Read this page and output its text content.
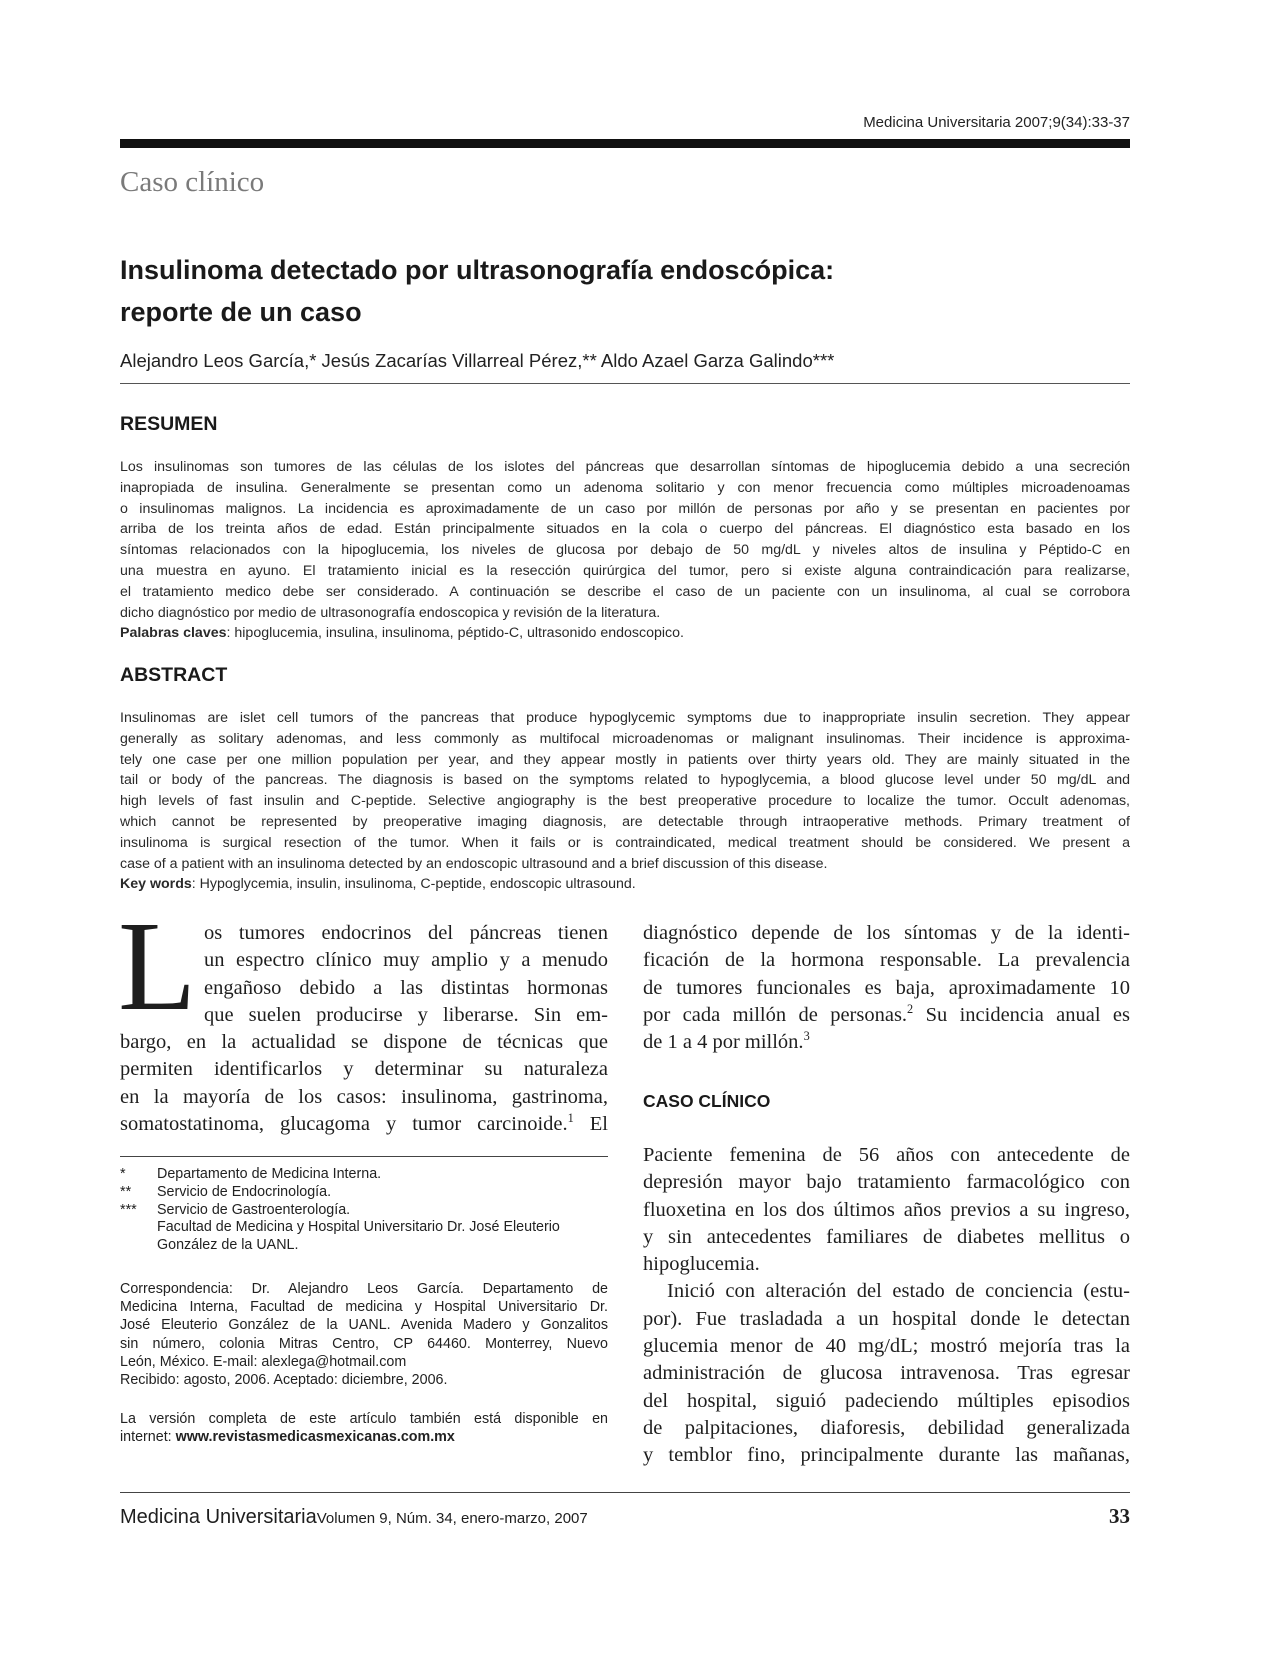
Medicina Universitaria 2007;9(34):33-37
Caso clínico
Insulinoma detectado por ultrasonografía endoscópica:
reporte de un caso
Alejandro Leos García,* Jesús Zacarías Villarreal Pérez,** Aldo Azael Garza Galindo***
RESUMEN
Los insulinomas son tumores de las células de los islotes del páncreas que desarrollan síntomas de hipoglucemia debido a una secreción
inapropiada de insulina. Generalmente se presentan como un adenoma solitario y con menor frecuencia como múltiples microadenoamas
o insulinomas malignos. La incidencia es aproximadamente de un caso por millón de personas por año y se presentan en pacientes por
arriba de los treinta años de edad. Están principalmente situados en la cola o cuerpo del páncreas. El diagnóstico esta basado en los
síntomas relacionados con la hipoglucemia, los niveles de glucosa por debajo de 50 mg/dL y niveles altos de insulina y Péptido-C en
una muestra en ayuno. El tratamiento inicial es la resección quirúrgica del tumor, pero si existe alguna contraindicación para realizarse,
el tratamiento medico debe ser considerado. A continuación se describe el caso de un paciente con un insulinoma, al cual se corrobora
dicho diagnóstico por medio de ultrasonografía endoscopica y revisión de la literatura.
Palabras claves: hipoglucemia, insulina, insulinoma, péptido-C, ultrasonido endoscopico.
ABSTRACT
Insulinomas are islet cell tumors of the pancreas that produce hypoglycemic symptoms due to inappropriate insulin secretion. They appear
generally as solitary adenomas, and less commonly as multifocal microadenomas or malignant insulinomas. Their incidence is approxima-
tely one case per one million population per year, and they appear mostly in patients over thirty years old. They are mainly situated in the
tail or body of the pancreas. The diagnosis is based on the symptoms related to hypoglycemia, a blood glucose level under 50 mg/dL and
high levels of fast insulin and C-peptide. Selective angiography is the best preoperative procedure to localize the tumor. Occult adenomas,
which cannot be represented by preoperative imaging diagnosis, are detectable through intraoperative methods. Primary treatment of
insulinoma is surgical resection of the tumor. When it fails or is contraindicated, medical treatment should be considered. We present a
case of a patient with an insulinoma detected by an endoscopic ultrasound and a brief discussion of this disease.
Key words: Hypoglycemia, insulin, insulinoma, C-peptide, endoscopic ultrasound.
L os tumores endocrinos del páncreas tienen
un espectro clínico muy amplio y a menudo
engañoso debido a las distintas hormonas
que suelen producirse y liberarse. Sin em-
bargo, en la actualidad se dispone de técnicas que
permiten identificarlos y determinar su naturaleza
en la mayoría de los casos: insulinoma, gastrinoma,
somatostatinoma, glucagoma y tumor carcinoide.$^1$ El
*	Departamento de Medicina Interna.
**	Servicio de Endocrinología.
***	Servicio de Gastroenterología.
Facultad de Medicina y Hospital Universitario Dr. José Eleuterio
González de la UANL.
Correspondencia: Dr. Alejandro Leos García. Departamento de
Medicina Interna, Facultad de medicina y Hospital Universitario Dr.
José Eleuterio González de la UANL. Avenida Madero y Gonzalitos
sin número, colonia Mitras Centro, CP 64460. Monterrey, Nuevo
León, México. E-mail: alexlega@hotmail.com
Recibido: agosto, 2006. Aceptado: diciembre, 2006.
La versión completa de este artículo también está disponible en
internet: www.revistasmedicasmexicanas.com.mx
diagnóstico depende de los síntomas y de la identi-
ficación de la hormona responsable. La prevalencia
de tumores funcionales es baja, aproximadamente 10
por cada millón de personas.$^2$ Su incidencia anual es
de 1 a 4 por millón.$^3$
CASO CLÍNICO
Paciente femenina de 56 años con antecedente de
depresión mayor bajo tratamiento farmacológico con
fluoxetina en los dos últimos años previos a su ingreso,
y sin antecedentes familiares de diabetes mellitus o
hipoglucemia.
Inició con alteración del estado de conciencia (estu-
por). Fue trasladada a un hospital donde le detectan
glucemia menor de 40 mg/dL; mostró mejoría tras la
administración de glucosa intravenosa. Tras egresar
del hospital, siguió padeciendo múltiples episodios
de palpitaciones, diaforesis, debilidad generalizada
y temblor fino, principalmente durante las mañanas,
Medicina UniversitariaVolumen 9, Núm. 34, enero-marzo, 2007	33
